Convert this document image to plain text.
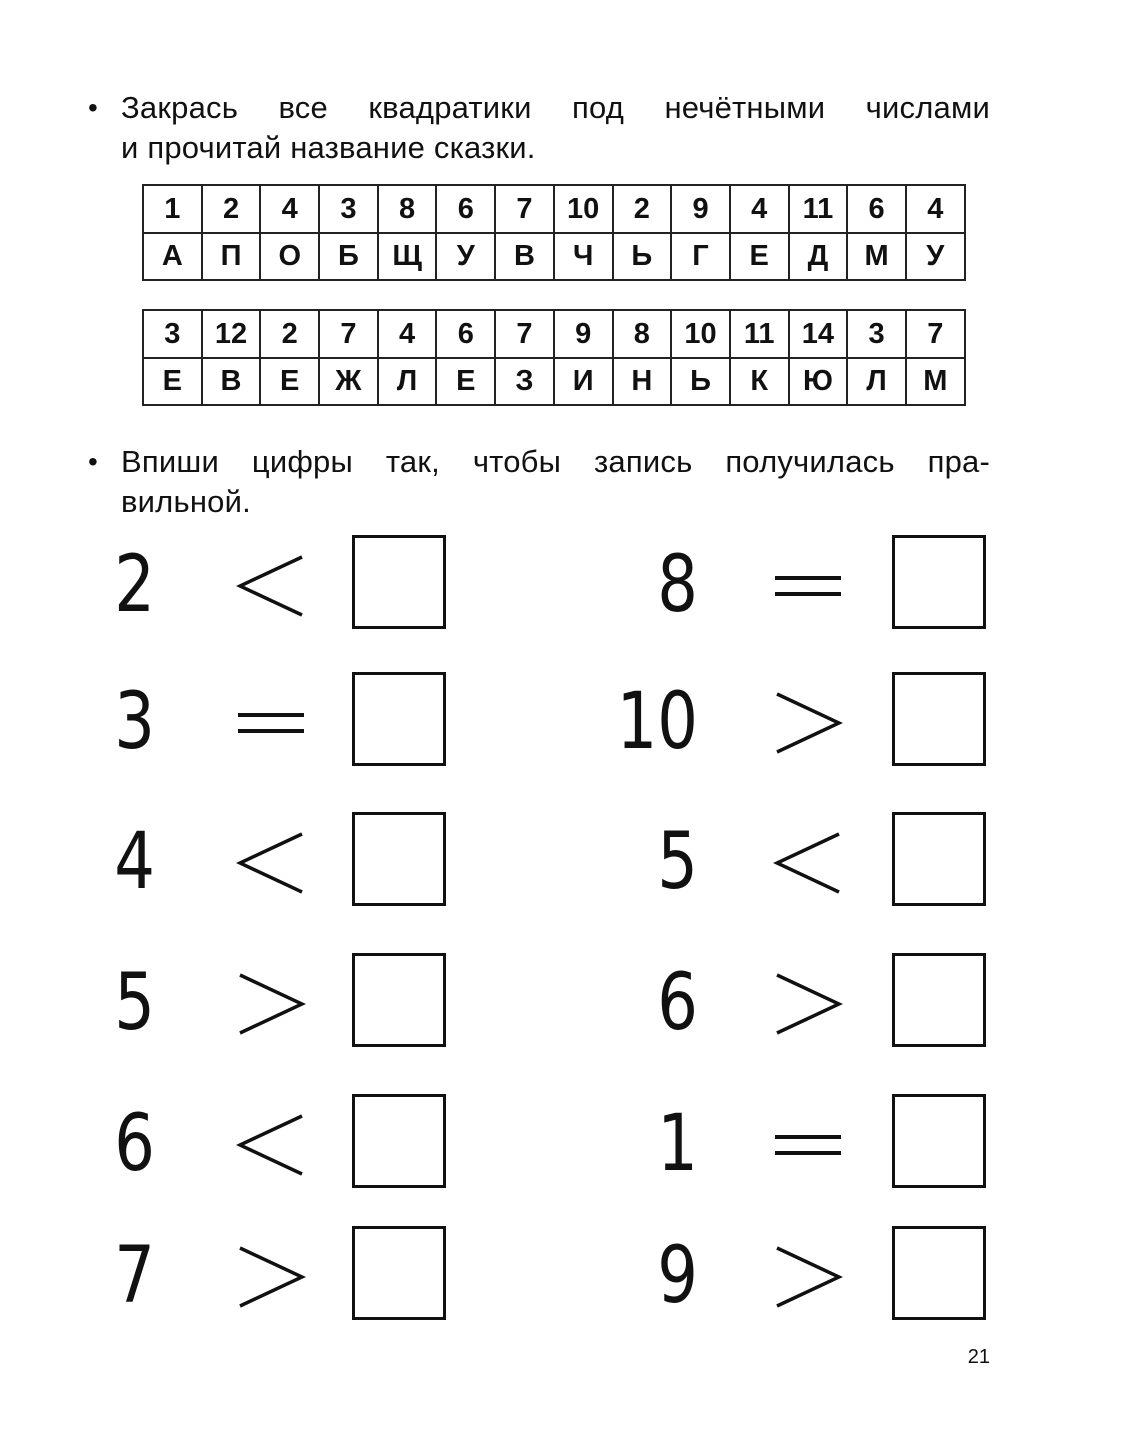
• Закрась все квадратики под нечётными числами
и прочитай название сказки.
1	2	4	3	8	6	7	10	2	9	4	11	6	4
А	П	О	Б	Щ	У	В	Ч	Ь	Г	Е	Д	М	У
3	12	2	7	4	6	7	9	8	10	11	14	3	7
Е	В	Е	Ж	Л	Е	З	И	Н	Ь	К	Ю	Л	М
• Впиши цифры так, чтобы запись получилась пра-
вильной.
2
3
4
5
6
7
8
10
5
6
1
9
21
